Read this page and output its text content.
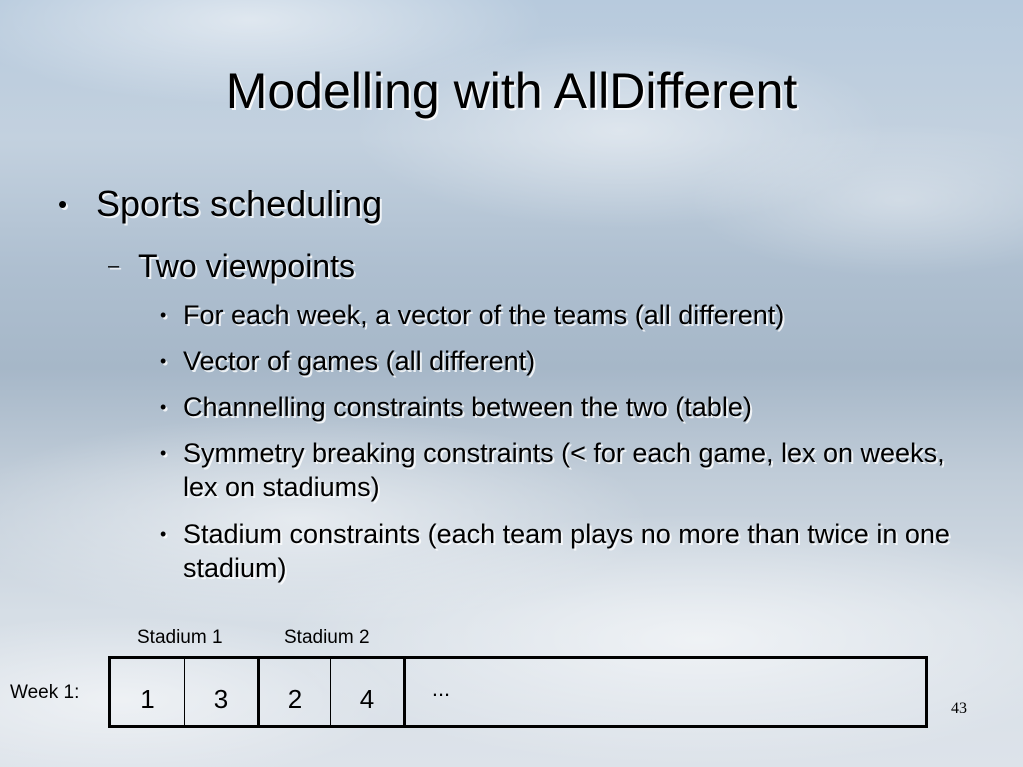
Modelling with AllDifferent
• Sports scheduling
– Two viewpoints
• For each week, a vector of the teams (all different)
• Vector of games (all different)
• Channelling constraints between the two (table)
• Symmetry breaking constraints (< for each game, lex on weeks, lex on stadiums)
• Stadium constraints (each team plays no more than twice in one stadium)
Stadium 1	Stadium 2
Week 1:	1	3	2	4	...
43
